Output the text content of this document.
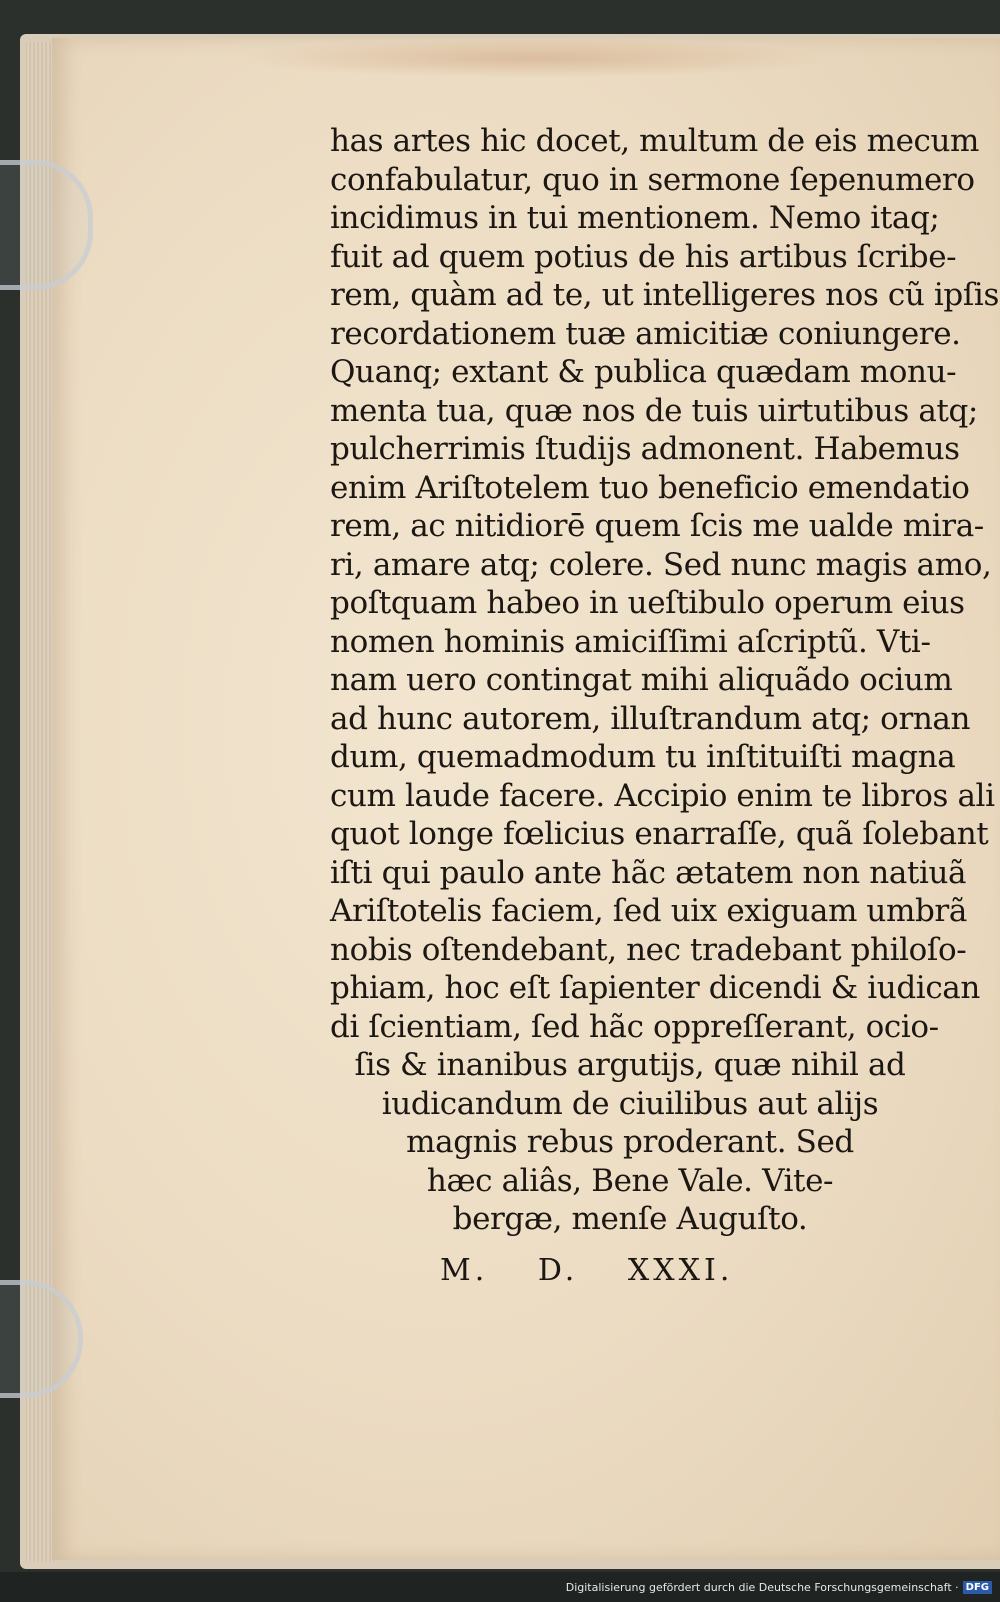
has artes hic docet, multum de eis mecum
confabulatur, quo in sermone ſepenumero
incidimus in tui mentionem. Nemo itaq;
fuit ad quem potius de his artibus ſcribe-
rem, quàm ad te, ut intelligeres nos cũ ipſis
recordationem tuæ amicitiæ coniungere.
Quanq; extant & publica quædam monu-
menta tua, quæ nos de tuis uirtutibus atq;
pulcherrimis ſtudijs admonent. Habemus
enim Ariſtotelem tuo beneficio emendatio
rem, ac nitidiorē quem ſcis me ualde mira-
ri, amare atq; colere. Sed nunc magis amo,
poſtquam habeo in ueſtibulo operum eius
nomen hominis amiciſſimi aſcriptũ. Vti-
nam uero contingat mihi aliquãdo ocium
ad hunc autorem, illuſtrandum atq; ornan
dum, quemadmodum tu inſtituiſti magna
cum laude facere. Accipio enim te libros ali
quot longe fœlicius enarraſſe, quã ſolebant
iſti qui paulo ante hãc ætatem non natiuã
Ariſtotelis faciem, ſed uix exiguam umbrã
nobis oſtendebant, nec tradebant philoſo-
phiam, hoc eſt ſapienter dicendi & iudican
di ſcientiam, ſed hãc oppreſſerant, ocio-
ſis & inanibus argutijs, quæ nihil ad
iudicandum de ciuilibus aut alijs
magnis rebus proderant. Sed
hæc aliâs, Bene Vale. Vite-
bergæ, menſe Auguſto.
M. D. XXXI.
Digitalisierung gefördert durch die Deutsche Forschungsgemeinschaft · DFG
